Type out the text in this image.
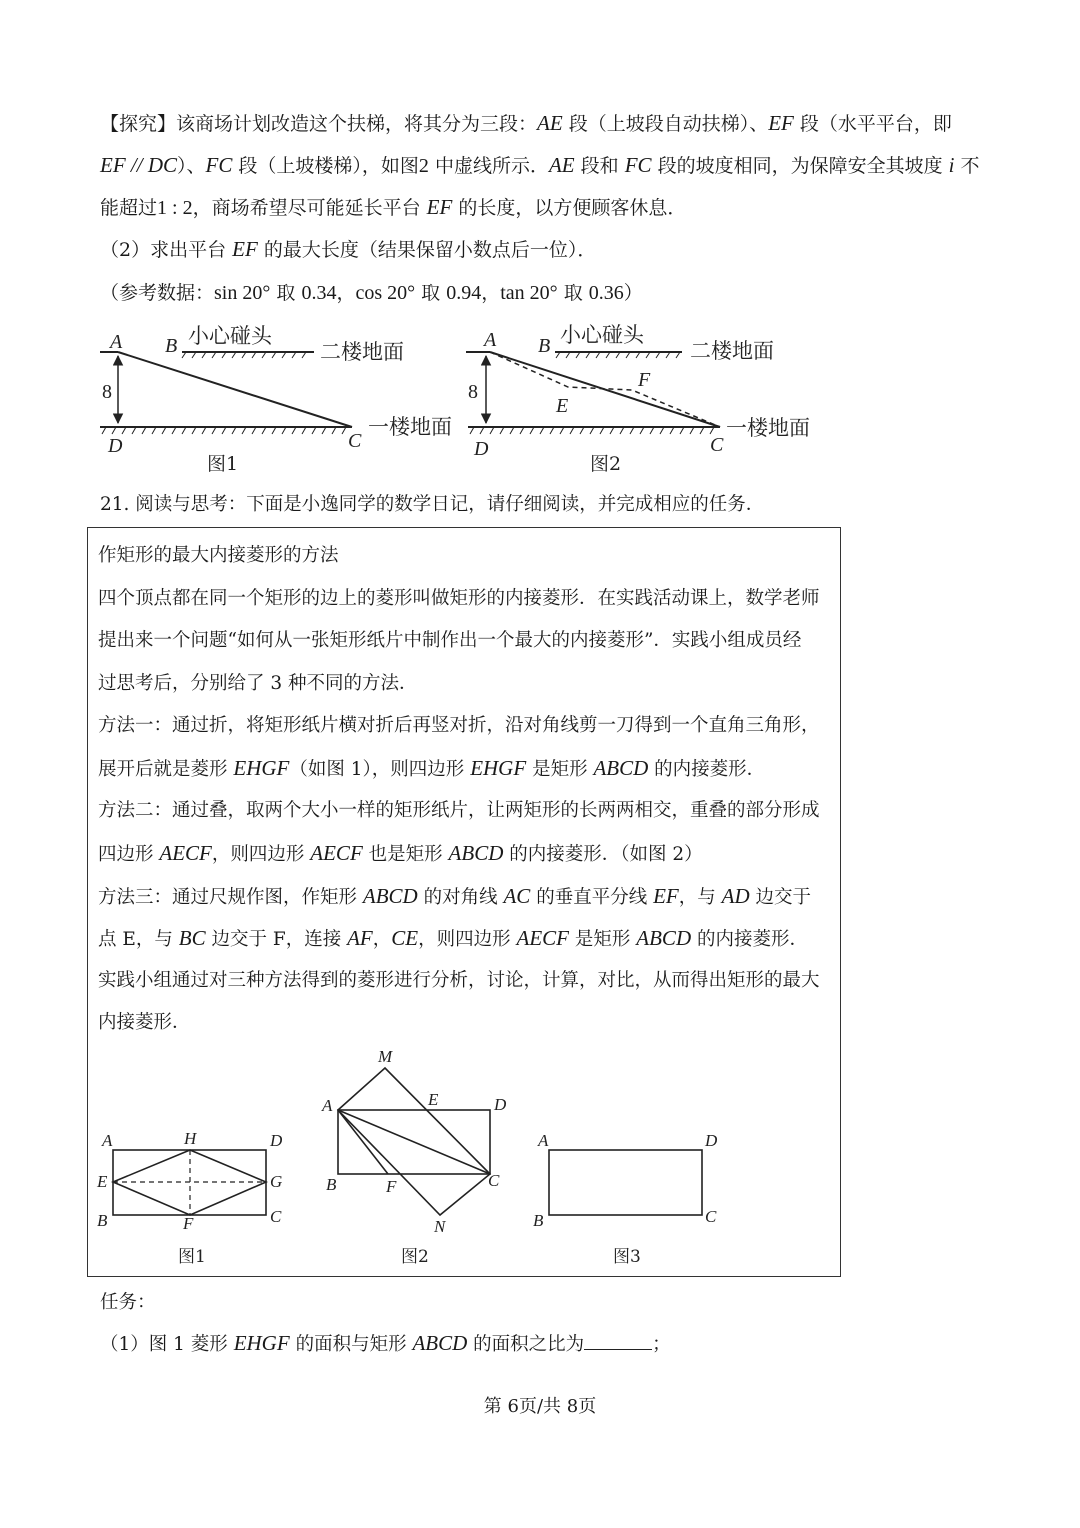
【探究】该商场计划改造这个扶梯，将其分为三段：AE 段（上坡段自动扶梯）、EF 段（水平平台，即
EF // DC）、FC 段（上坡楼梯），如图2 中虚线所示．AE 段和 FC 段的坡度相同，为保障安全其坡度 i 不
能超过1 : 2，商场希望尽可能延长平台 EF 的长度，以方便顾客休息．
（2）求出平台 EF 的最大长度（结果保留小数点后一位）．
（参考数据：sin 20° 取 0.34，cos 20° 取 0.94，tan 20° 取 0.36）
A B
D	C
8
小心碰头
二楼地面
一楼地面
图1
A B
E
F
D	C
8
小心碰头
二楼地面
一楼地面
图2
21. 阅读与思考：下面是小逸同学的数学日记，请仔细阅读，并完成相应的任务．
作矩形的最大内接菱形的方法
四个顶点都在同一个矩形的边上的菱形叫做矩形的内接菱形．在实践活动课上，数学老师
提出来一个问题“如何从一张矩形纸片中制作出一个最大的内接菱形”．实践小组成员经
过思考后，分别给了 3 种不同的方法．
方法一：通过折，将矩形纸片横对折后再竖对折，沿对角线剪一刀得到一个直角三角形，
展开后就是菱形 EHGF（如图 1），则四边形 EHGF 是矩形 ABCD 的内接菱形．
方法二：通过叠，取两个大小一样的矩形纸片，让两矩形的长两两相交，重叠的部分形成
四边形 AECF，则四边形 AECF 也是矩形 ABCD 的内接菱形．（如图 2）
方法三：通过尺规作图，作矩形 ABCD 的对角线 AC 的垂直平分线 EF，与 AD 边交于
点 E，与 BC 边交于 F，连接 AF，CE，则四边形 AECF 是矩形 ABCD 的内接菱形．
实践小组通过对三种方法得到的菱形进行分析，讨论，计算，对比，从而得出矩形的最大
内接菱形．
A	H	D
E	G
B	F	C
图1
M
A	E	D
B	F	C
N
图2
A	D
B	C
图3
任务：
（1）图 1 菱形 EHGF 的面积与矩形 ABCD 的面积之比为	；
第 6页/共 8页
